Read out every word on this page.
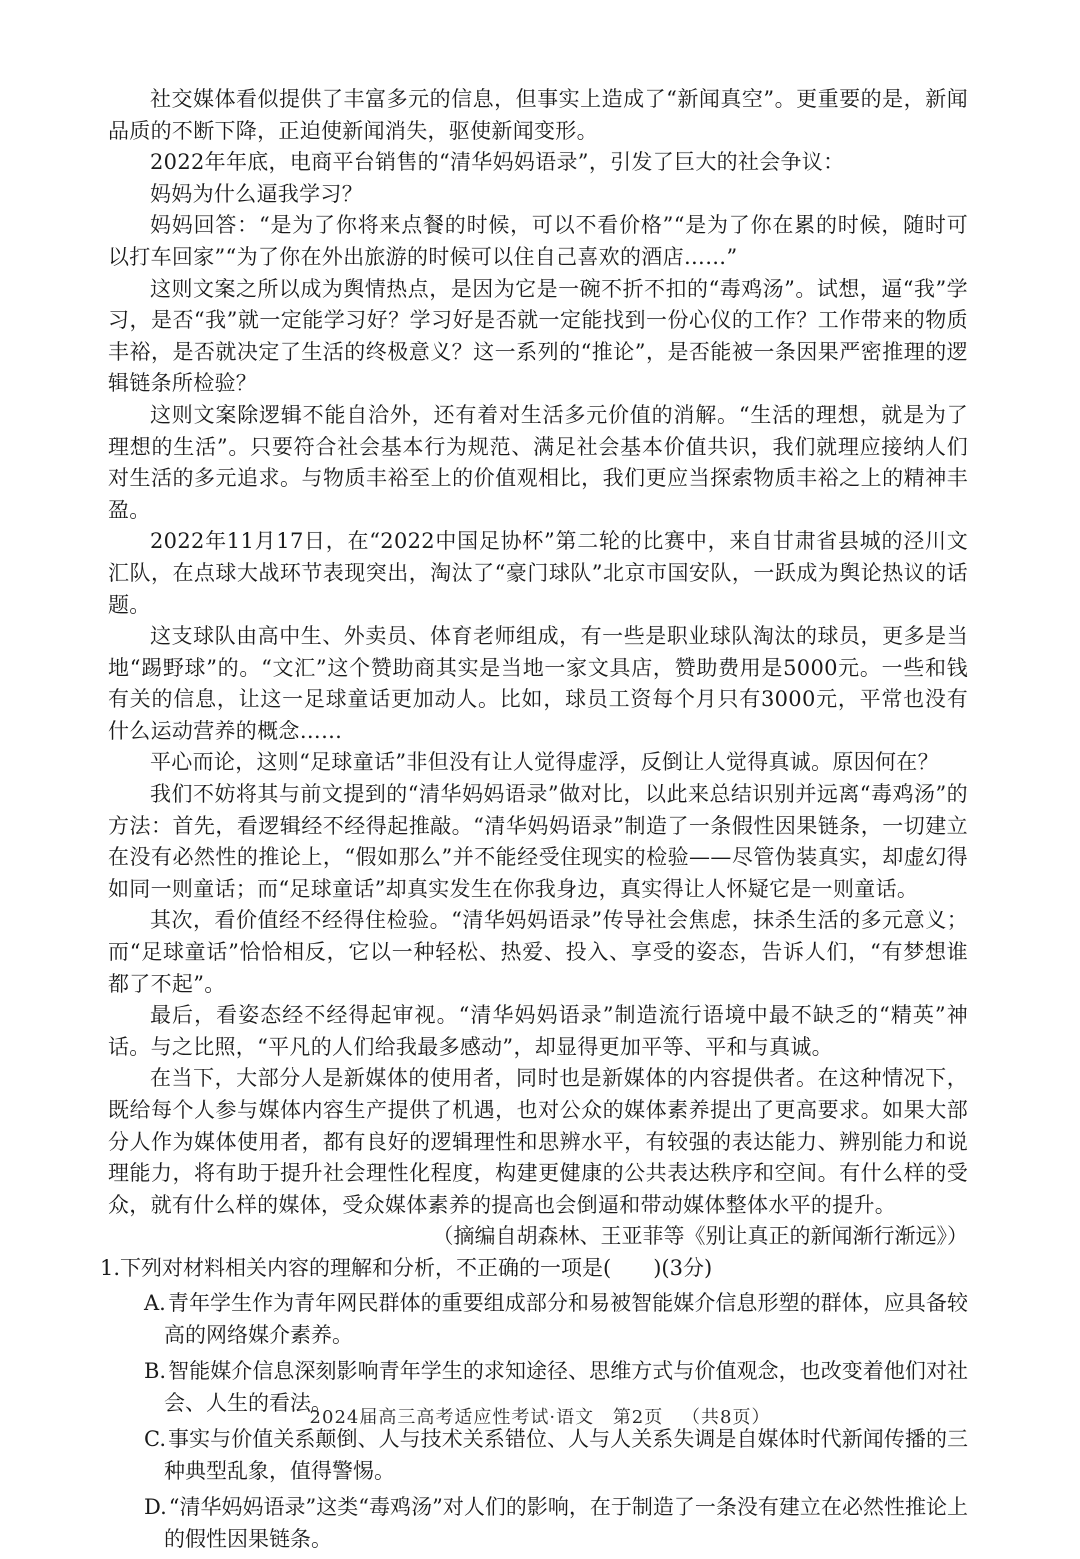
社交媒体看似提供了丰富多元的信息，但事实上造成了“新闻真空”。更重要的是，新闻品质的不断下降，正迫使新闻消失，驱使新闻变形。

2022年年底，电商平台销售的“清华妈妈语录”，引发了巨大的社会争议：

妈妈为什么逼我学习？

妈妈回答：“是为了你将来点餐的时候，可以不看价格”“是为了你在累的时候，随时可以打车回家”“为了你在外出旅游的时候可以住自己喜欢的酒店……”

这则文案之所以成为舆情热点，是因为它是一碗不折不扣的“毒鸡汤”。试想，逼“我”学习，是否“我”就一定能学习好？学习好是否就一定能找到一份心仪的工作？工作带来的物质丰裕，是否就决定了生活的终极意义？这一系列的“推论”，是否能被一条因果严密推理的逻辑链条所检验？

这则文案除逻辑不能自洽外，还有着对生活多元价值的消解。“生活的理想，就是为了理想的生活”。只要符合社会基本行为规范、满足社会基本价值共识，我们就理应接纳人们对生活的多元追求。与物质丰裕至上的价值观相比，我们更应当探索物质丰裕之上的精神丰盈。

2022年11月17日，在“2022中国足协杯”第二轮的比赛中，来自甘肃省县城的泾川文汇队，在点球大战环节表现突出，淘汰了“豪门球队”北京市国安队，一跃成为舆论热议的话题。

这支球队由高中生、外卖员、体育老师组成，有一些是职业球队淘汰的球员，更多是当地“踢野球”的。“文汇”这个赞助商其实是当地一家文具店，赞助费用是5000元。一些和钱有关的信息，让这一足球童话更加动人。比如，球员工资每个月只有3000元，平常也没有什么运动营养的概念……

平心而论，这则“足球童话”非但没有让人觉得虚浮，反倒让人觉得真诚。原因何在？

我们不妨将其与前文提到的“清华妈妈语录”做对比，以此来总结识别并远离“毒鸡汤”的方法：首先，看逻辑经不经得起推敲。“清华妈妈语录”制造了一条假性因果链条，一切建立在没有必然性的推论上，“假如那么”并不能经受住现实的检验——尽管伪装真实，却虚幻得如同一则童话；而“足球童话”却真实发生在你我身边，真实得让人怀疑它是一则童话。

其次，看价值经不经得住检验。“清华妈妈语录”传导社会焦虑，抹杀生活的多元意义；而“足球童话”恰恰相反，它以一种轻松、热爱、投入、享受的姿态，告诉人们，“有梦想谁都了不起”。

最后，看姿态经不经得起审视。“清华妈妈语录”制造流行语境中最不缺乏的“精英”神话。与之比照，“平凡的人们给我最多感动”，却显得更加平等、平和与真诚。

在当下，大部分人是新媒体的使用者，同时也是新媒体的内容提供者。在这种情况下，既给每个人参与媒体内容生产提供了机遇，也对公众的媒体素养提出了更高要求。如果大部分人作为媒体使用者，都有良好的逻辑理性和思辨水平，有较强的表达能力、辨别能力和说理能力，将有助于提升社会理性化程度，构建更健康的公共表达秩序和空间。有什么样的受众，就有什么样的媒体，受众媒体素养的提高也会倒逼和带动媒体整体水平的提升。

（摘编自胡森林、王亚菲等《别让真正的新闻渐行渐远》）

1.下列对材料相关内容的理解和分析，不正确的一项是(　　)(3分)

A.青年学生作为青年网民群体的重要组成部分和易被智能媒介信息形塑的群体，应具备较高的网络媒介素养。

B.智能媒介信息深刻影响青年学生的求知途径、思维方式与价值观念，也改变着他们对社会、人生的看法。

C.事实与价值关系颠倒、人与技术关系错位、人与人关系失调是自媒体时代新闻传播的三种典型乱象，值得警惕。

D.“清华妈妈语录”这类“毒鸡汤”对人们的影响，在于制造了一条没有建立在必然性推论上的假性因果链条。

2024届高三高考适应性考试·语文 第2页 （共8页）
